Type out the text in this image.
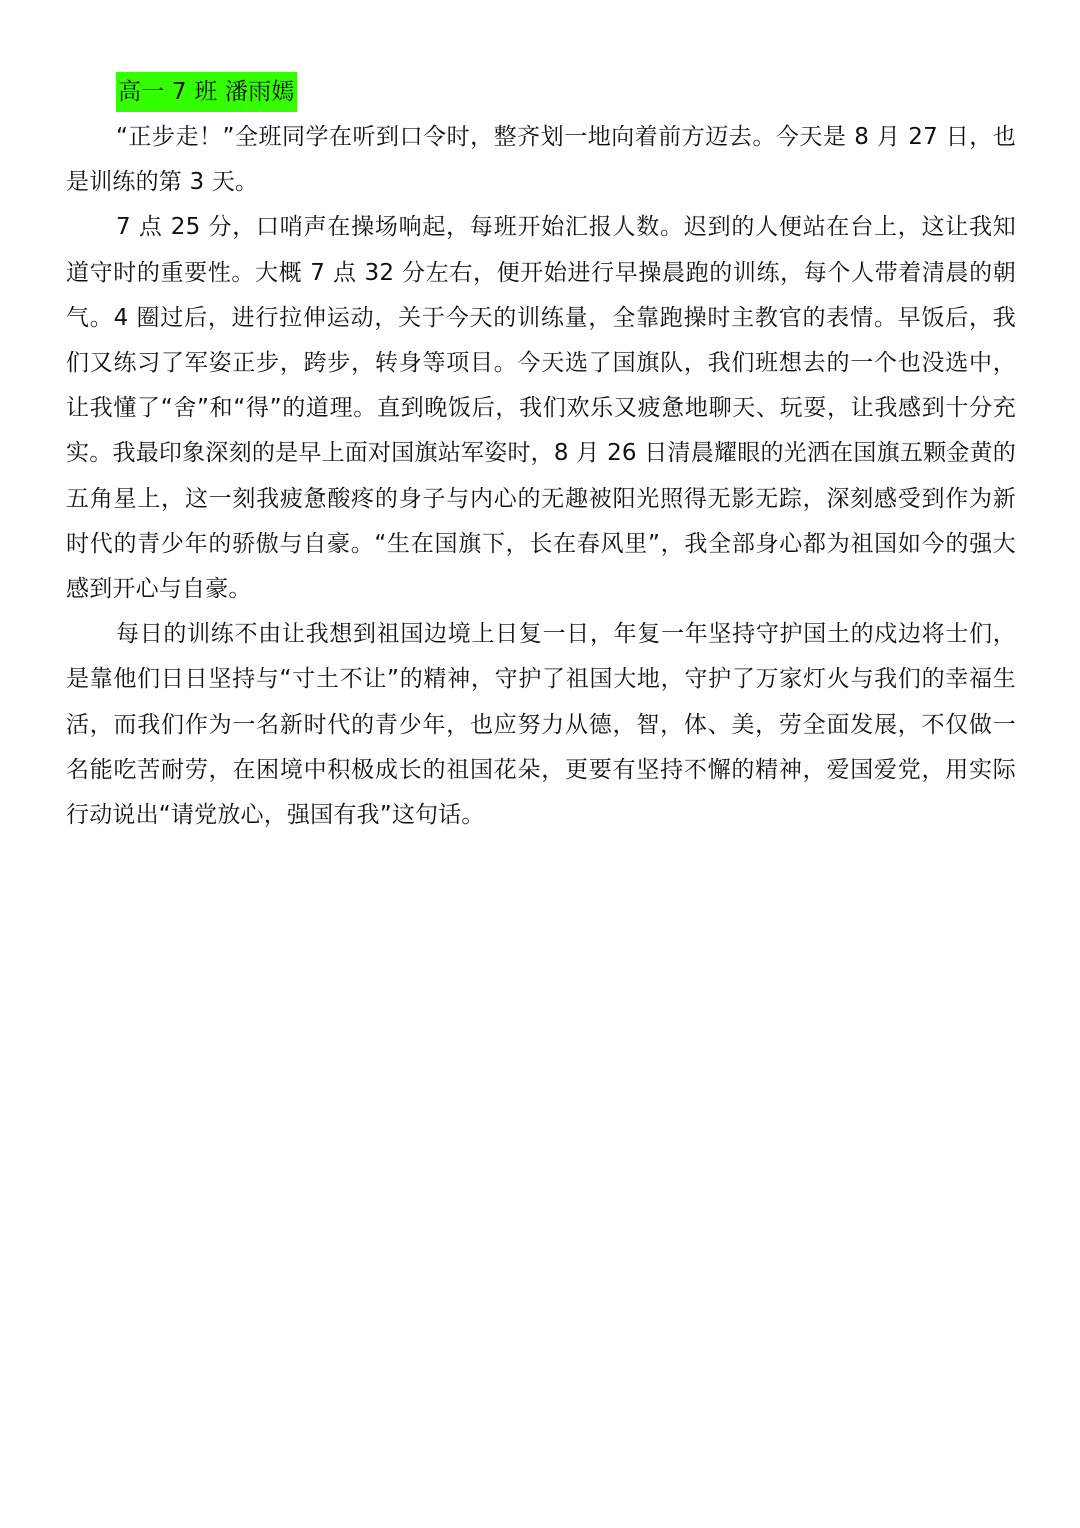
高一 7 班 潘雨嫣

“正步走！”全班同学在听到口令时，整齐划一地向着前方迈去。今天是 8 月 27 日，也是训练的第 3 天。

7 点 25 分，口哨声在操场响起，每班开始汇报人数。迟到的人便站在台上，这让我知道守时的重要性。大概 7 点 32 分左右，便开始进行早操晨跑的训练，每个人带着清晨的朝气。4 圈过后，进行拉伸运动，关于今天的训练量，全靠跑操时主教官的表情。早饭后，我们又练习了军姿正步，跨步，转身等项目。今天选了国旗队，我们班想去的一个也没选中，让我懂了“舍”和“得”的道理。直到晚饭后，我们欢乐又疲惫地聊天、玩耍，让我感到十分充实。我最印象深刻的是早上面对国旗站军姿时，8 月 26 日清晨耀眼的光洒在国旗五颗金黄的五角星上，这一刻我疲惫酸疼的身子与内心的无趣被阳光照得无影无踪，深刻感受到作为新时代的青少年的骄傲与自豪。“生在国旗下，长在春风里”，我全部身心都为祖国如今的强大感到开心与自豪。

每日的训练不由让我想到祖国边境上日复一日，年复一年坚持守护国土的戍边将士们，是靠他们日日坚持与“寸土不让”的精神，守护了祖国大地，守护了万家灯火与我们的幸福生活，而我们作为一名新时代的青少年，也应努力从德，智，体、美，劳全面发展，不仅做一名能吃苦耐劳，在困境中积极成长的祖国花朵，更要有坚持不懈的精神，爱国爱党，用实际行动说出“请党放心，强国有我”这句话。
